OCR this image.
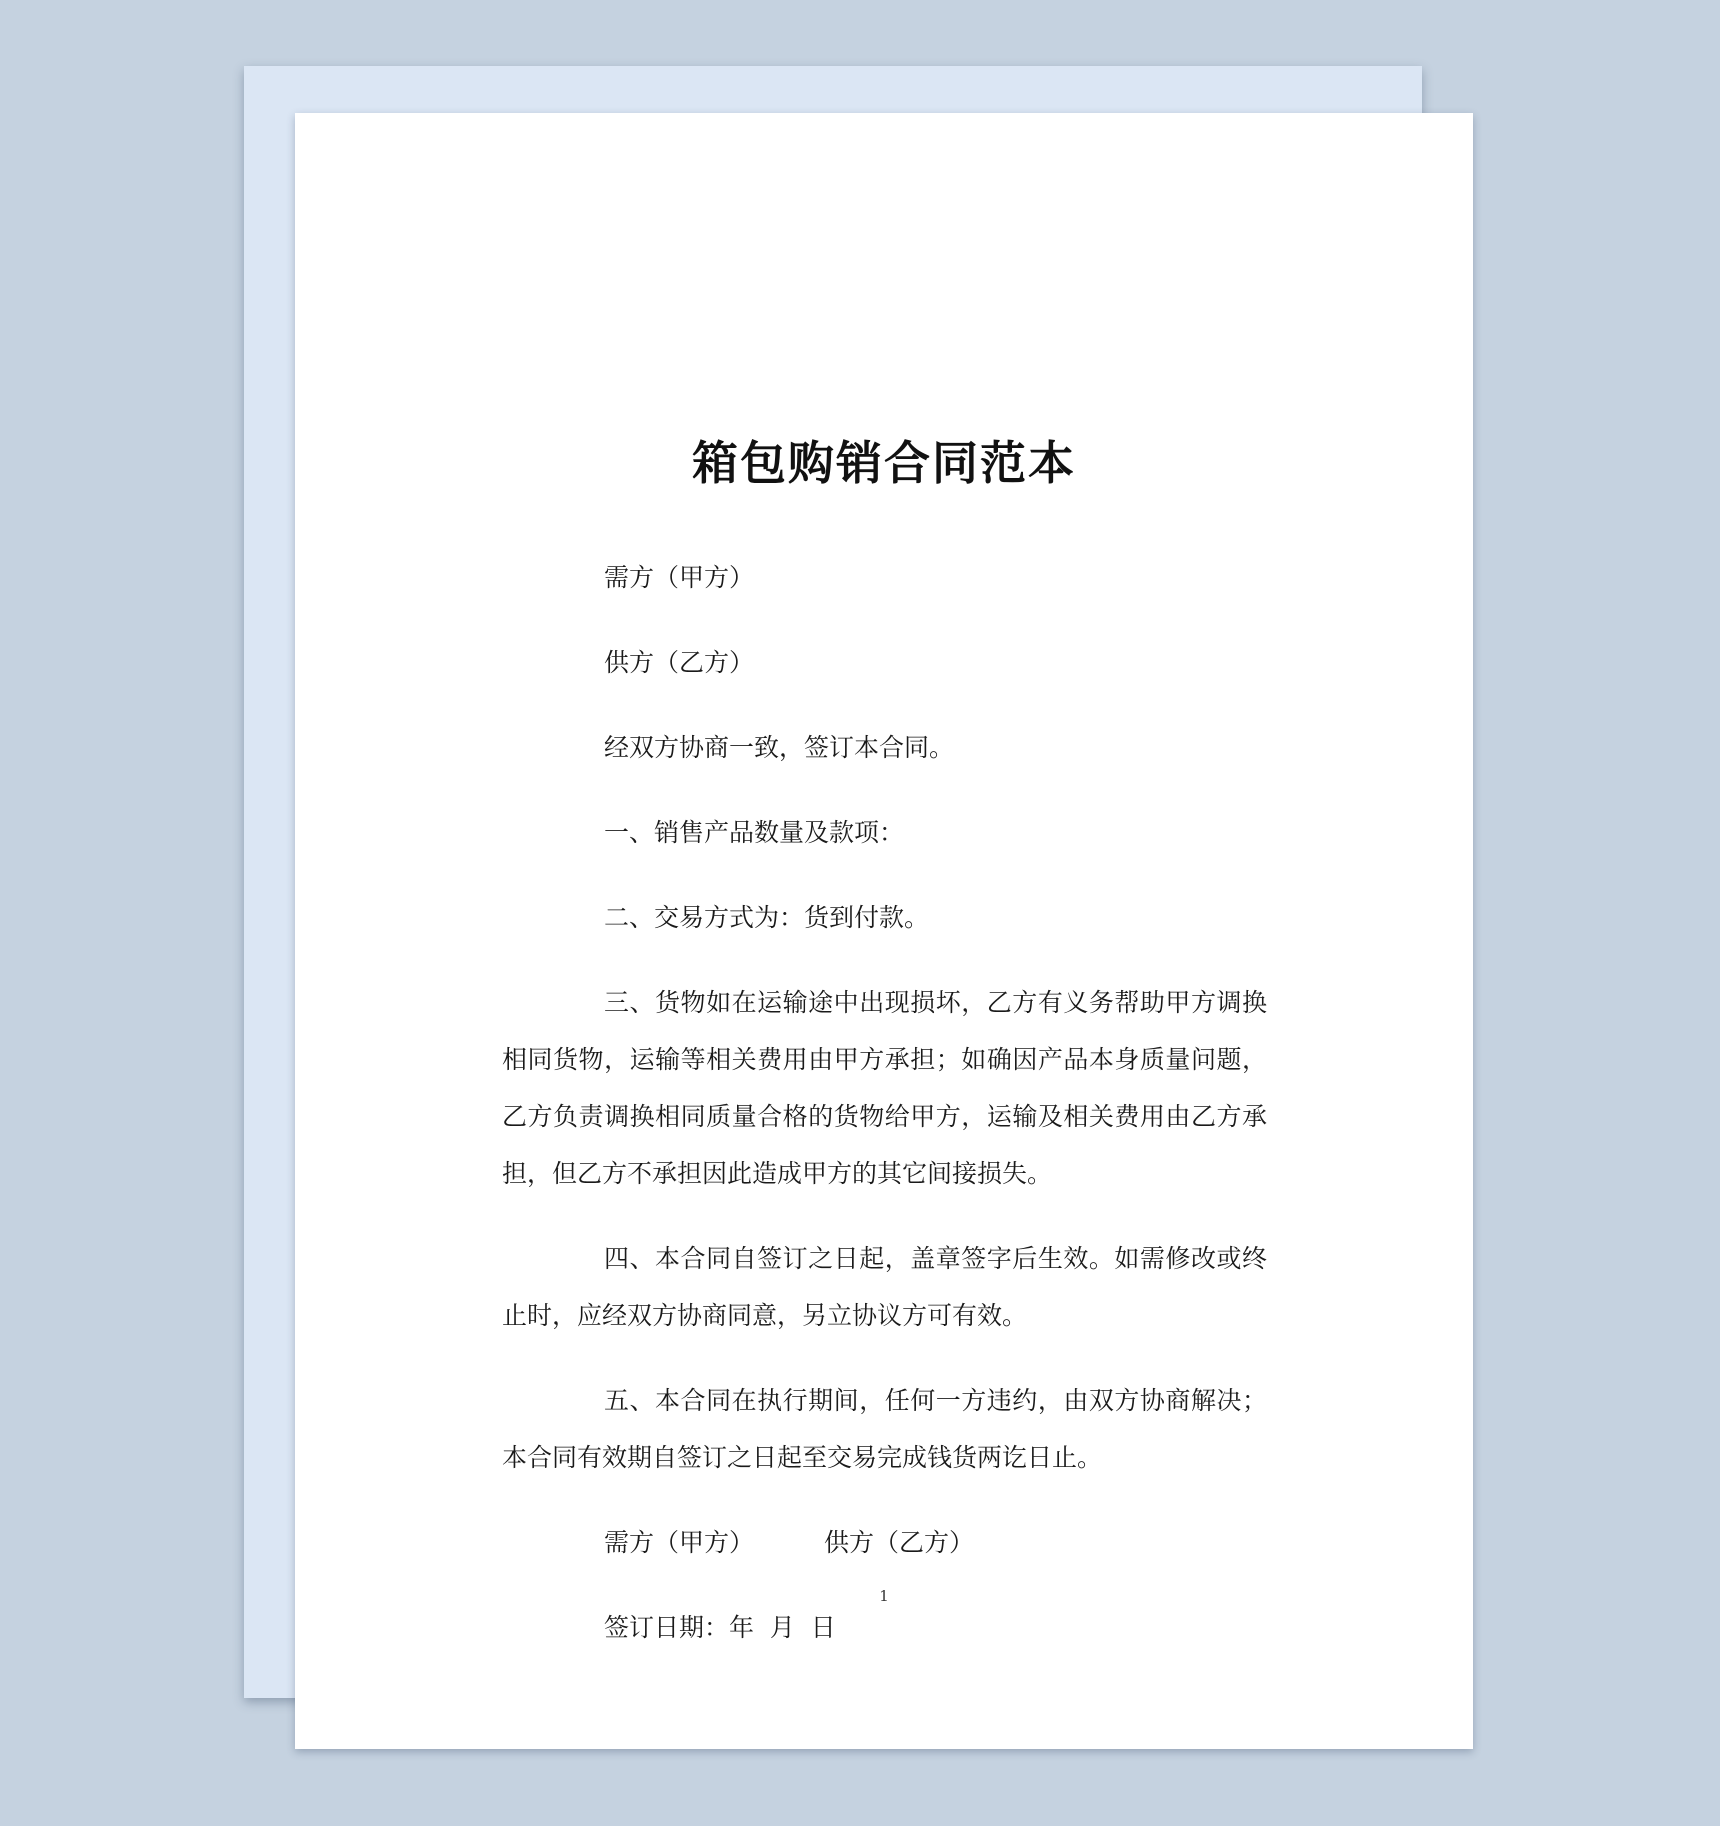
箱包购销合同范本

需方（甲方）

供方（乙方）

经双方协商一致，签订本合同。

一、销售产品数量及款项：

二、交易方式为：货到付款。

三、货物如在运输途中出现损坏，乙方有义务帮助甲方调换相同货物，运输等相关费用由甲方承担；如确因产品本身质量问题，乙方负责调换相同质量合格的货物给甲方，运输及相关费用由乙方承担，但乙方不承担因此造成甲方的其它间接损失。

四、本合同自签订之日起，盖章签字后生效。如需修改或终止时，应经双方协商同意，另立协议方可有效。

五、本合同在执行期间，任何一方违约，由双方协商解决；本合同有效期自签订之日起至交易完成钱货两讫日止。

需方（甲方）	供方（乙方）

签订日期：年  月  日

1
